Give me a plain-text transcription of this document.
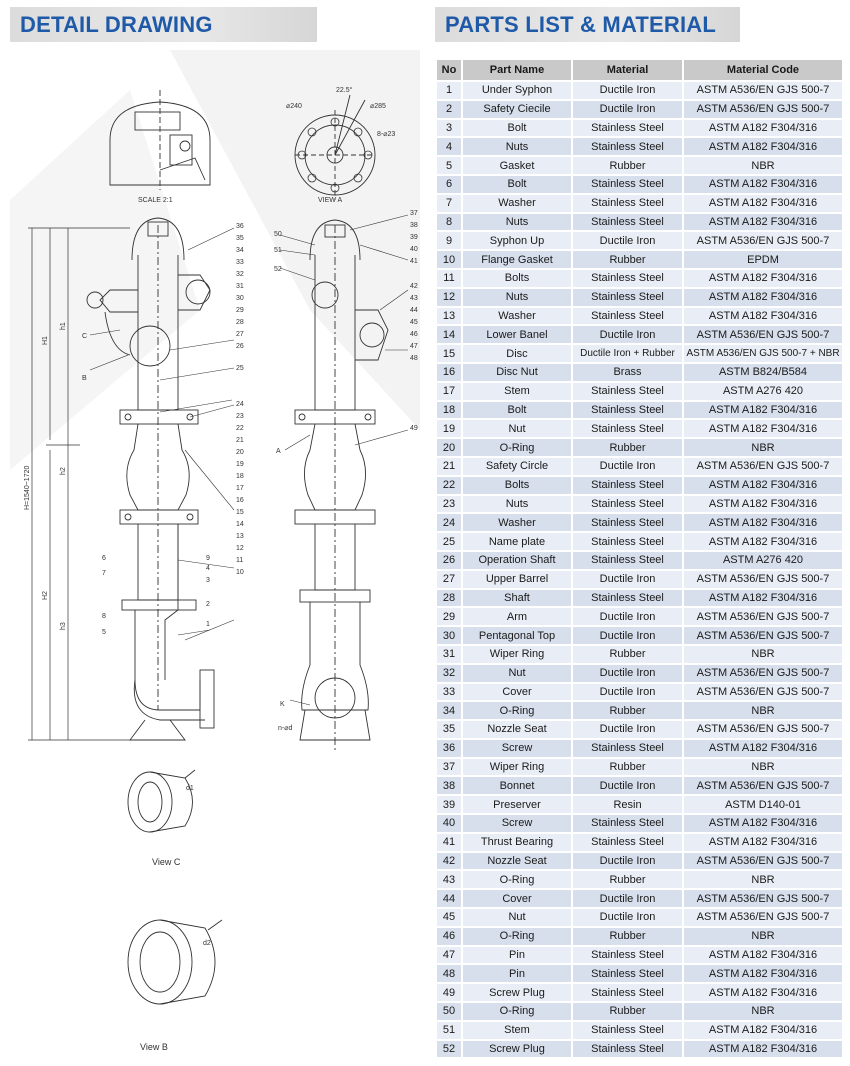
DETAIL DRAWING	PARTS LIST & MATERIAL
SCALE 2:1	VIEW A
22.5°
⌀240	⌀285
8-⌀23
View C
View B
d1
d2
n-⌀d
C
B
A
K
H=1540~1720
H1
H2
h1
h2
h3
36
35
34
33
32
31
30
29
28
27
26
25
24
23
22
21
20
19
18
17
16
15
14
13
12
11
10
9
4
3
2
1
6
7
8
5
37
38
39
40
41
50
51
52
42
43
44
45
46
47
48
49
No	Part Name	Material	Material Code
1	Under Syphon	Ductile Iron	ASTM A536/EN GJS 500-7
2	Safety Ciecile	Ductile Iron	ASTM A536/EN GJS 500-7
3	Bolt	Stainless Steel	ASTM A182 F304/316
4	Nuts	Stainless Steel	ASTM A182 F304/316
5	Gasket	Rubber	NBR
6	Bolt	Stainless Steel	ASTM A182 F304/316
7	Washer	Stainless Steel	ASTM A182 F304/316
8	Nuts	Stainless Steel	ASTM A182 F304/316
9	Syphon Up	Ductile Iron	ASTM A536/EN GJS 500-7
10	Flange Gasket	Rubber	EPDM
11	Bolts	Stainless Steel	ASTM A182 F304/316
12	Nuts	Stainless Steel	ASTM A182 F304/316
13	Washer	Stainless Steel	ASTM A182 F304/316
14	Lower Banel	Ductile Iron	ASTM A536/EN GJS 500-7
15	Disc	Ductile Iron + Rubber	ASTM A536/EN GJS 500-7 + NBR
16	Disc Nut	Brass	ASTM B824/B584
17	Stem	Stainless Steel	ASTM A276 420
18	Bolt	Stainless Steel	ASTM A182 F304/316
19	Nut	Stainless Steel	ASTM A182 F304/316
20	O-Ring	Rubber	NBR
21	Safety Circle	Ductile Iron	ASTM A536/EN GJS 500-7
22	Bolts	Stainless Steel	ASTM A182 F304/316
23	Nuts	Stainless Steel	ASTM A182 F304/316
24	Washer	Stainless Steel	ASTM A182 F304/316
25	Name plate	Stainless Steel	ASTM A182 F304/316
26	Operation Shaft	Stainless Steel	ASTM A276 420
27	Upper Barrel	Ductile Iron	ASTM A536/EN GJS 500-7
28	Shaft	Stainless Steel	ASTM A182 F304/316
29	Arm	Ductile Iron	ASTM A536/EN GJS 500-7
30	Pentagonal Top	Ductile Iron	ASTM A536/EN GJS 500-7
31	Wiper Ring	Rubber	NBR
32	Nut	Ductile Iron	ASTM A536/EN GJS 500-7
33	Cover	Ductile Iron	ASTM A536/EN GJS 500-7
34	O-Ring	Rubber	NBR
35	Nozzle Seat	Ductile Iron	ASTM A536/EN GJS 500-7
36	Screw	Stainless Steel	ASTM A182 F304/316
37	Wiper Ring	Rubber	NBR
38	Bonnet	Ductile Iron	ASTM A536/EN GJS 500-7
39	Preserver	Resin	ASTM D140-01
40	Screw	Stainless Steel	ASTM A182 F304/316
41	Thrust Bearing	Stainless Steel	ASTM A182 F304/316
42	Nozzle Seat	Ductile Iron	ASTM A536/EN GJS 500-7
43	O-Ring	Rubber	NBR
44	Cover	Ductile Iron	ASTM A536/EN GJS 500-7
45	Nut	Ductile Iron	ASTM A536/EN GJS 500-7
46	O-Ring	Rubber	NBR
47	Pin	Stainless Steel	ASTM A182 F304/316
48	Pin	Stainless Steel	ASTM A182 F304/316
49	Screw Plug	Stainless Steel	ASTM A182 F304/316
50	O-Ring	Rubber	NBR
51	Stem	Stainless Steel	ASTM A182 F304/316
52	Screw Plug	Stainless Steel	ASTM A182 F304/316
